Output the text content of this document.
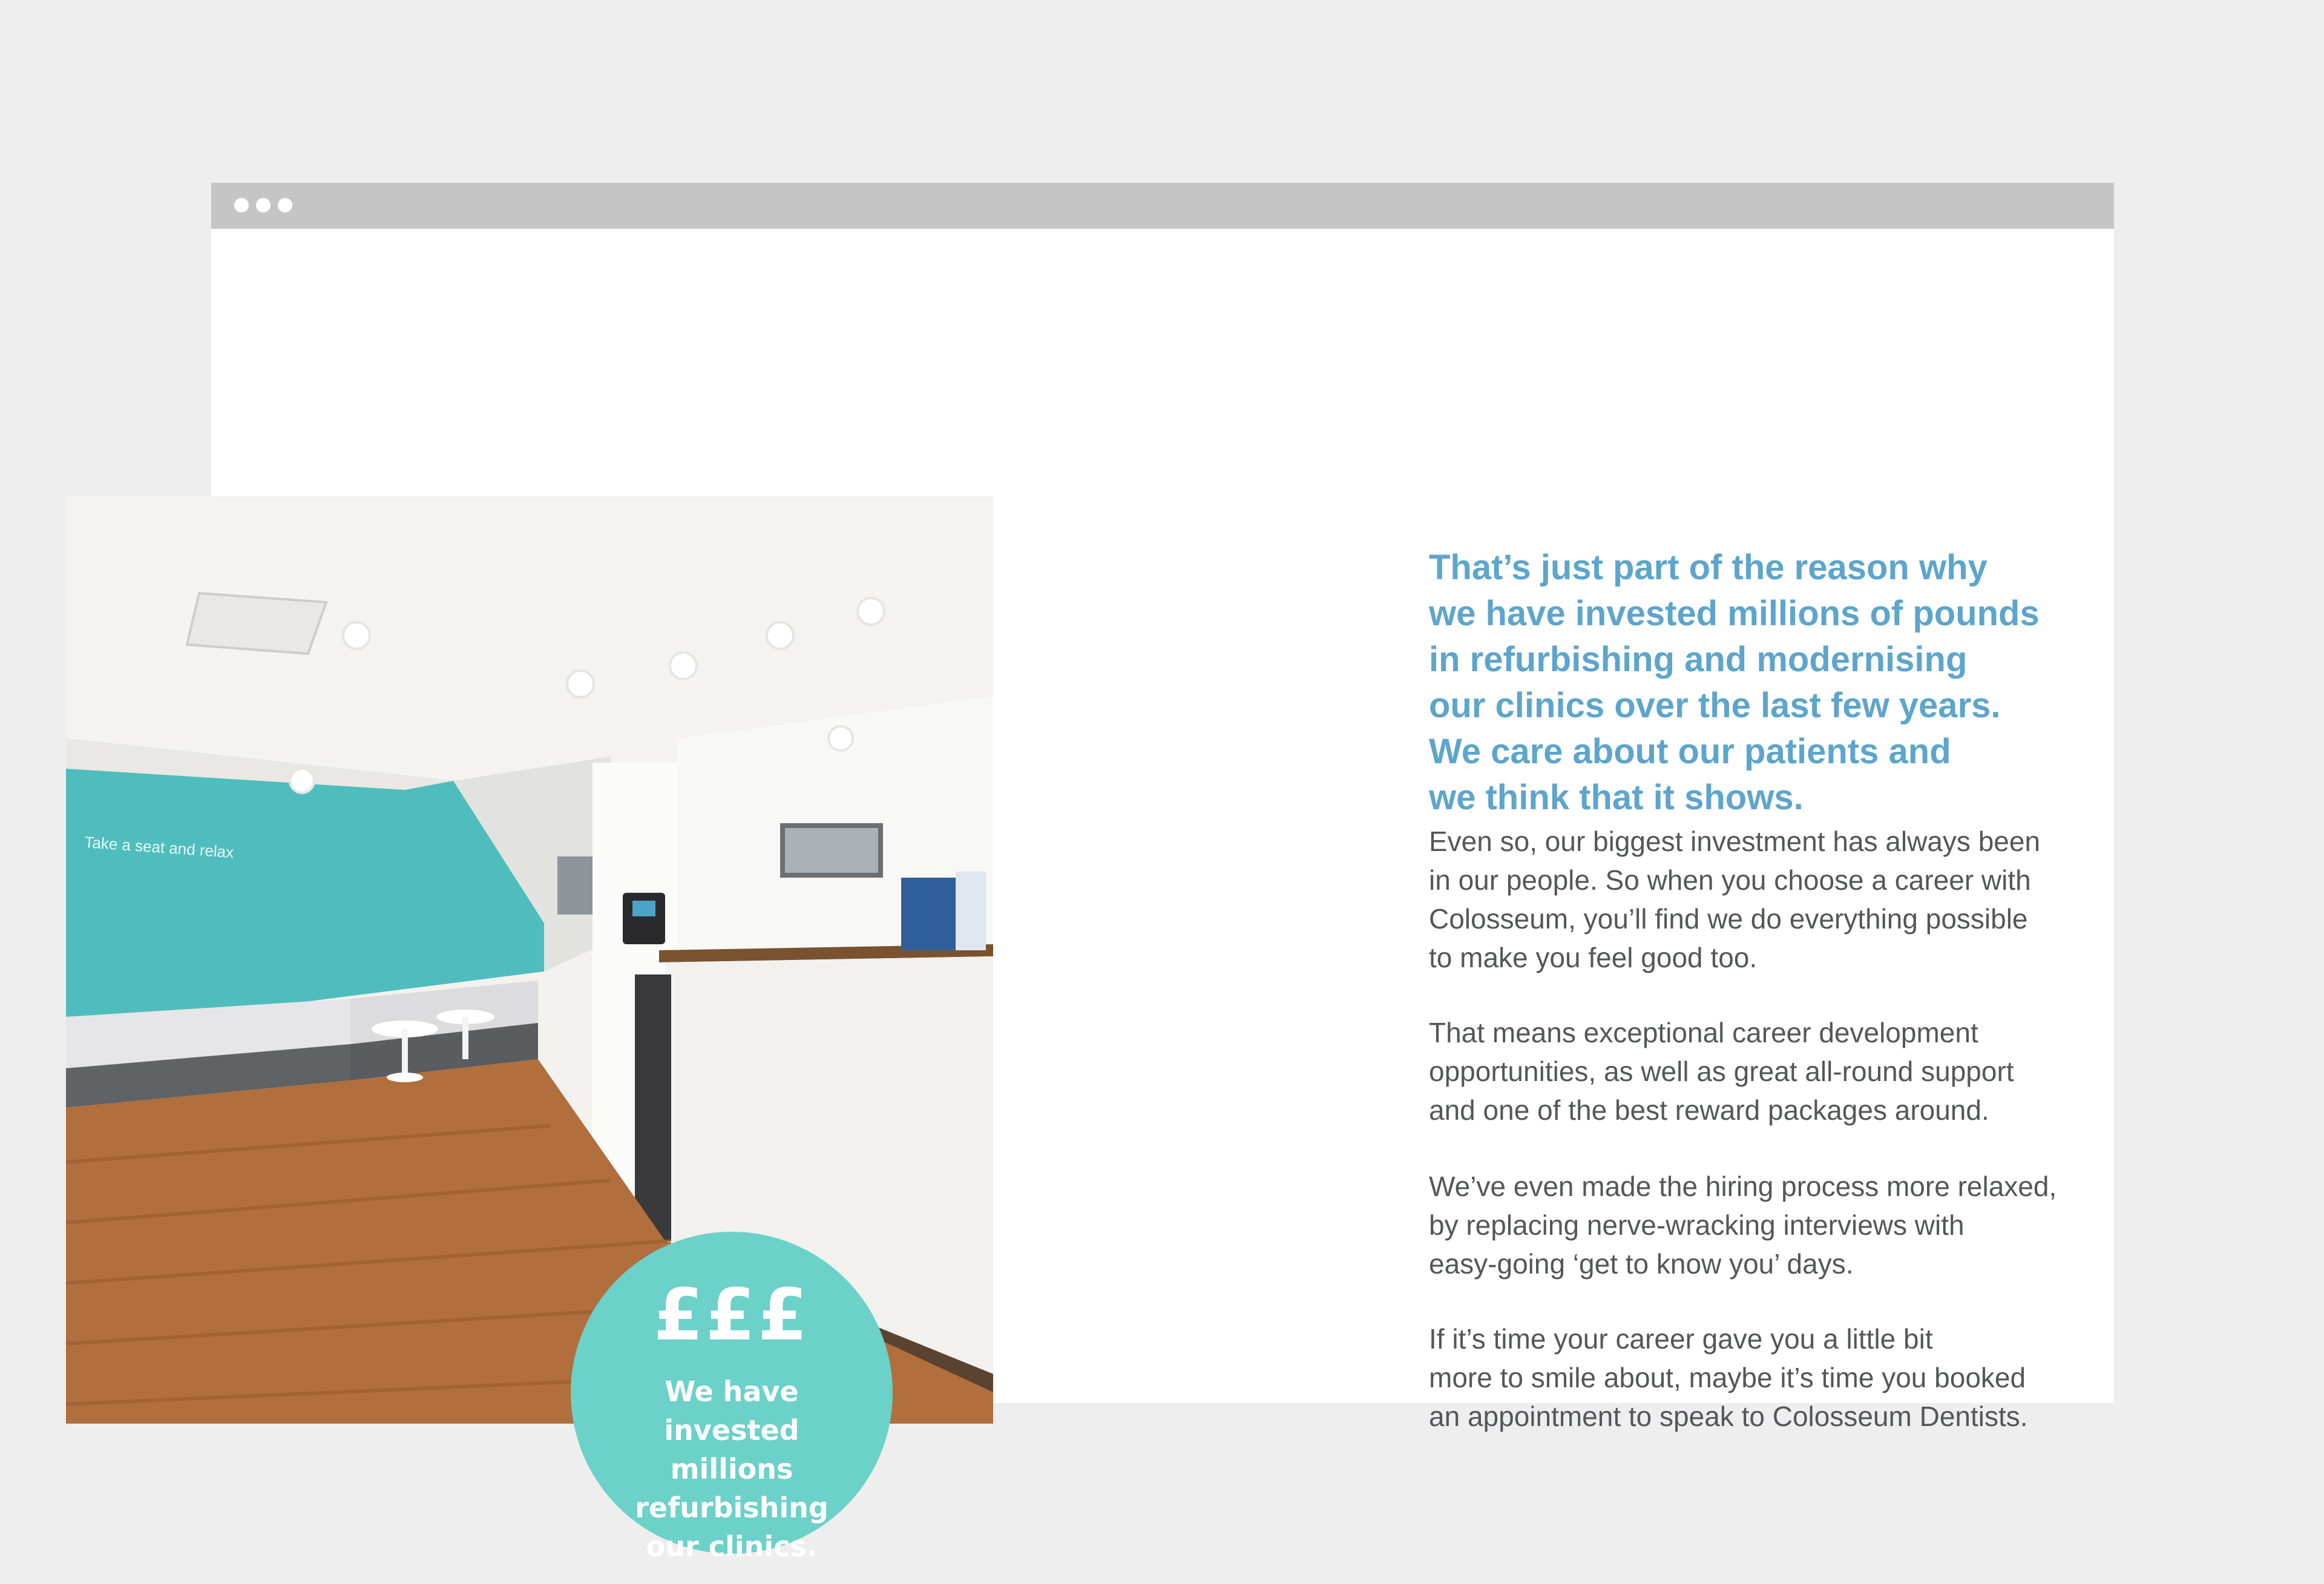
Take a seat and relax
£££
We have invested
millions refurbishing
our clinics.
That’s just part of the reason why
we have invested millions of pounds
in refurbishing and modernising
our clinics over the last few years.
We care about our patients and
we think that it shows.
Even so, our biggest investment has always been
in our people. So when you choose a career with
Colosseum, you’ll find we do everything possible
to make you feel good too.
That means exceptional career development
opportunities, as well as great all-round support
and one of the best reward packages around.
We’ve even made the hiring process more relaxed,
by replacing nerve-wracking interviews with
easy-going ‘get to know you’ days.
If it’s time your career gave you a little bit
more to smile about, maybe it’s time you booked
an appointment to speak to Colosseum Dentists.
